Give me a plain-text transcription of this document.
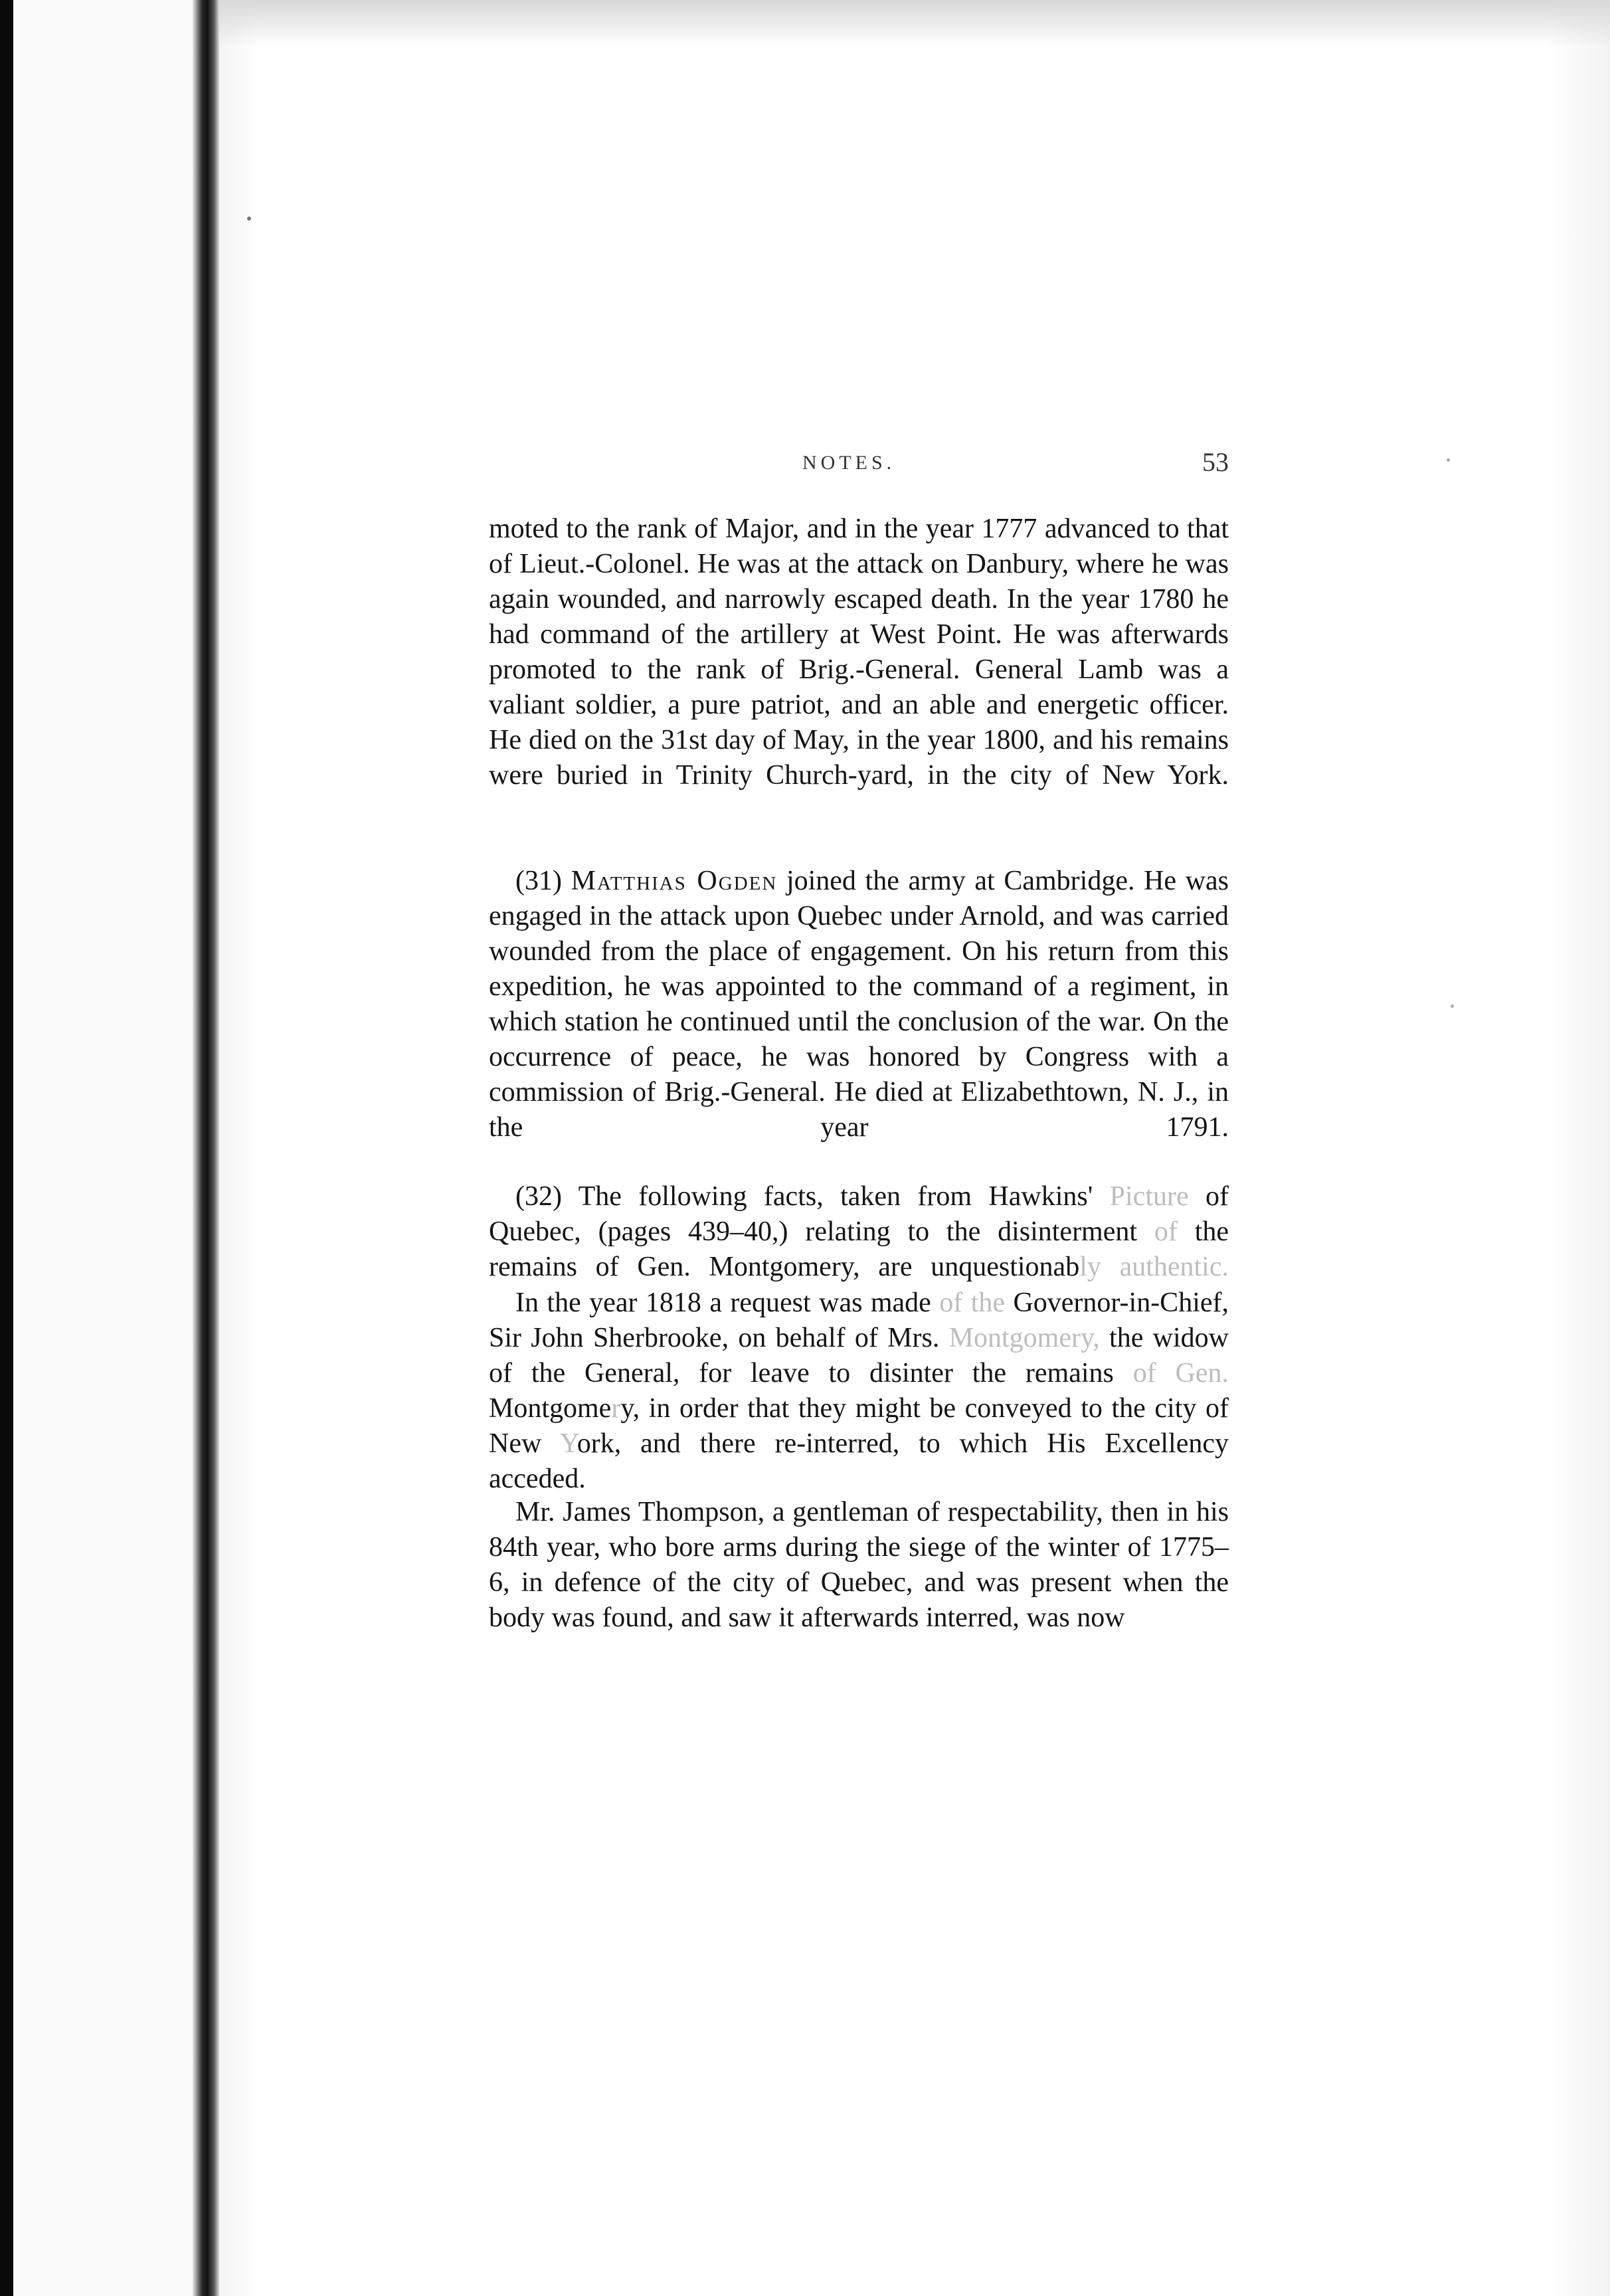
NOTES.	53

moted to the rank of Major, and in the year 1777 advanced to that of Lieut.-Colonel. He was at the attack on Danbury, where he was again wounded, and narrowly escaped death. In the year 1780 he had command of the artillery at West Point. He was afterwards promoted to the rank of Brig.-General. General Lamb was a valiant soldier, a pure patriot, and an able and energetic officer. He died on the 31st day of May, in the year 1800, and his remains were buried in Trinity Church-yard, in the city of New York.

(31) Matthias Ogden joined the army at Cambridge. He was engaged in the attack upon Quebec under Arnold, and was carried wounded from the place of engagement. On his return from this expedition, he was appointed to the command of a regiment, in which station he continued until the conclusion of the war. On the occurrence of peace, he was honored by Congress with a commission of Brig.-General. He died at Elizabethtown, N. J., in the year 1791.

(32) The following facts, taken from Hawkins' Picture of Quebec, (pages 439–40,) relating to the disinterment of the remains of Gen. Montgomery, are unquestionably authentic.

In the year 1818 a request was made of the Governor-in-Chief, Sir John Sherbrooke, on behalf of Mrs. Montgomery, the widow of the General, for leave to disinter the remains of Gen. Montgomery, in order that they might be conveyed to the city of New York, and there re-interred, to which His Excellency acceded.

Mr. James Thompson, a gentleman of respectability, then in his 84th year, who bore arms during the siege of the winter of 1775–6, in defence of the city of Quebec, and was present when the body was found, and saw it afterwards interred, was now
